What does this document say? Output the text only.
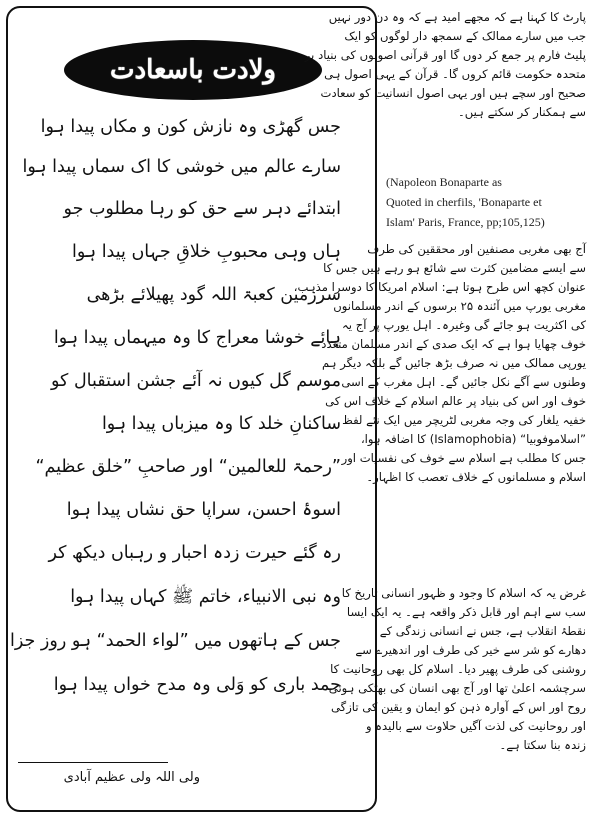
ولادت باسعادت
جس گھڑی وہ نازش کون و مکاں پیدا ہوا
سارے عالم میں خوشی کا اک سماں پیدا ہوا
ابتدائے دہر سے حق کو رہا مطلوب جو
ہاں وہی محبوبِ خلاقِ جہاں پیدا ہوا
سرزمین کعبۃ اللہ گود پھیلائے بڑھی
ہائے خوشا معراج کا وہ میہماں پیدا ہوا
موسم گل کیوں نہ آئے جشن استقبال کو
ساکنانِ خلد کا وہ میزباں پیدا ہوا
”رحمۃ للعالمین“ اور صاحبِ ”خلق عظیم“
اسوۂ احسن، سراپا حق نشاں پیدا ہوا
رہ گئے حیرت زدہ احبار و رہباں دیکھ کر
وہ نبی الانبیاء، خاتم ﷺ کہاں پیدا ہوا
جس کے ہاتھوں میں ”لواء الحمد“ ہو روز جزا
حمد باری کو وَلی وہ مدح خواں پیدا ہوا
ولی اللہ ولی عظیم آبادی
پارٹ کا کہنا ہے کہ مجھے امید ہے کہ وہ دن دور نہیں
جب میں سارے ممالک کے سمجھ دار لوگوں کو ایک
پلیٹ فارم پر جمع کر دوں گا اور قرآنی اصولوں کی بنیاد پر
متحدہ حکومت قائم کروں گا۔ قرآن کے یہی اصول ہی
صحیح اور سچے ہیں اور یہی اصول انسانیت کو سعادت
سے ہمکنار کر سکتے ہیں۔
(Napoleon Bonaparte as
Quoted in cherfils, 'Bonaparte et
Islam' Paris, France, pp;105,125)
آج بھی مغربی مصنفین اور محققین کی طرف
سے ایسے مضامین کثرت سے شائع ہو رہے ہیں جس کا
عنوان کچھ اس طرح ہوتا ہے: اسلام امریکا کا دوسرا مذہب،
مغربی یورپ میں آئندہ ۲۵ برسوں کے اندر مسلمانوں
کی اکثریت ہو جائے گی وغیرہ۔ اہل یورپ پر آج یہ
خوف چھایا ہوا ہے کہ ایک صدی کے اندر مسلمان متعدد
یورپی ممالک میں نہ صرف بڑھ جائیں گے بلکہ دیگر ہم
وطنوں سے آگے نکل جائیں گے۔ اہل مغرب کے اسی
خوف اور اس کی بنیاد پر عالم اسلام کے خلاف اس کی
خفیہ یلغار کی وجہ مغربی لٹریچر میں ایک نئے لفظ
”اسلاموفوبیا“ (Islamophobia) کا اضافہ ہوا،
جس کا مطلب ہے اسلام سے خوف کی نفسیات اور
اسلام و مسلمانوں کے خلاف تعصب کا اظہار۔
غرض یہ کہ اسلام کا وجود و ظہور انسانی تاریخ کا
سب سے اہم اور قابل ذکر واقعہ ہے۔ یہ ایک ایسا
نقطۂ انقلاب ہے، جس نے انسانی زندگی کے
دھارے کو شر سے خیر کی طرف اور اندھیرے سے
روشنی کی طرف پھیر دیا۔ اسلام کل بھی روحانیت کا
سرچشمہ اعلیٰ تھا اور آج بھی انسان کی بھٹکی ہوئی
روح اور اس کے آوارہ ذہن کو ایمان و یقین کی تازگی
اور روحانیت کی لذت آگیں حلاوت سے بالیدہ و
زندہ بنا سکتا ہے۔
